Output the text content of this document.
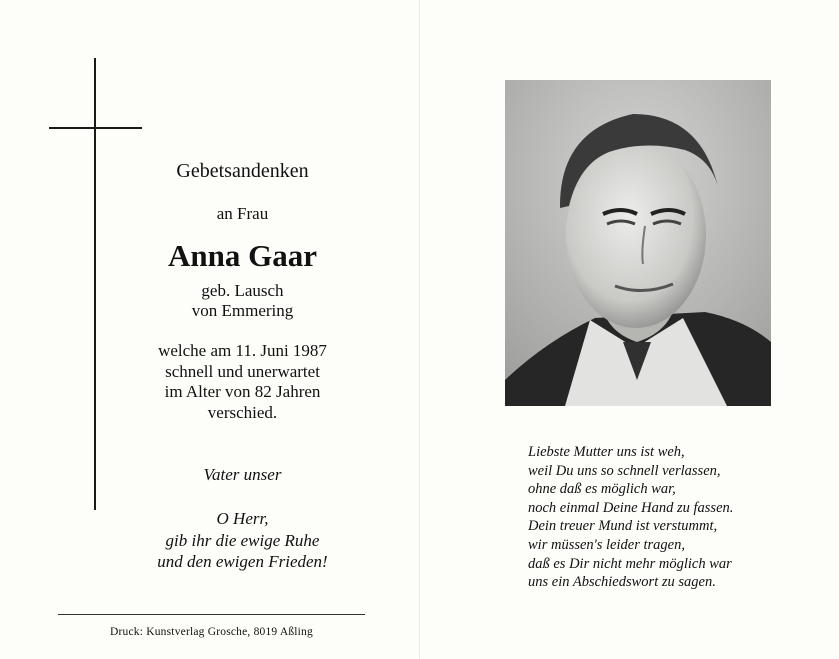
Gebetsandenken
an Frau
Anna Gaar
geb. Lausch
von Emmering
welche am 11. Juni 1987
schnell und unerwartet
im Alter von 82 Jahren
verschied.
Vater unser
O Herr,
gib ihr die ewige Ruhe
und den ewigen Frieden!
Druck: Kunstverlag Grosche, 8019 Aßling
Liebste Mutter uns ist weh,
weil Du uns so schnell verlassen,
ohne daß es möglich war,
noch einmal Deine Hand zu fassen.
Dein treuer Mund ist verstummt,
wir müssen's leider tragen,
daß es Dir nicht mehr möglich war
uns ein Abschiedswort zu sagen.
